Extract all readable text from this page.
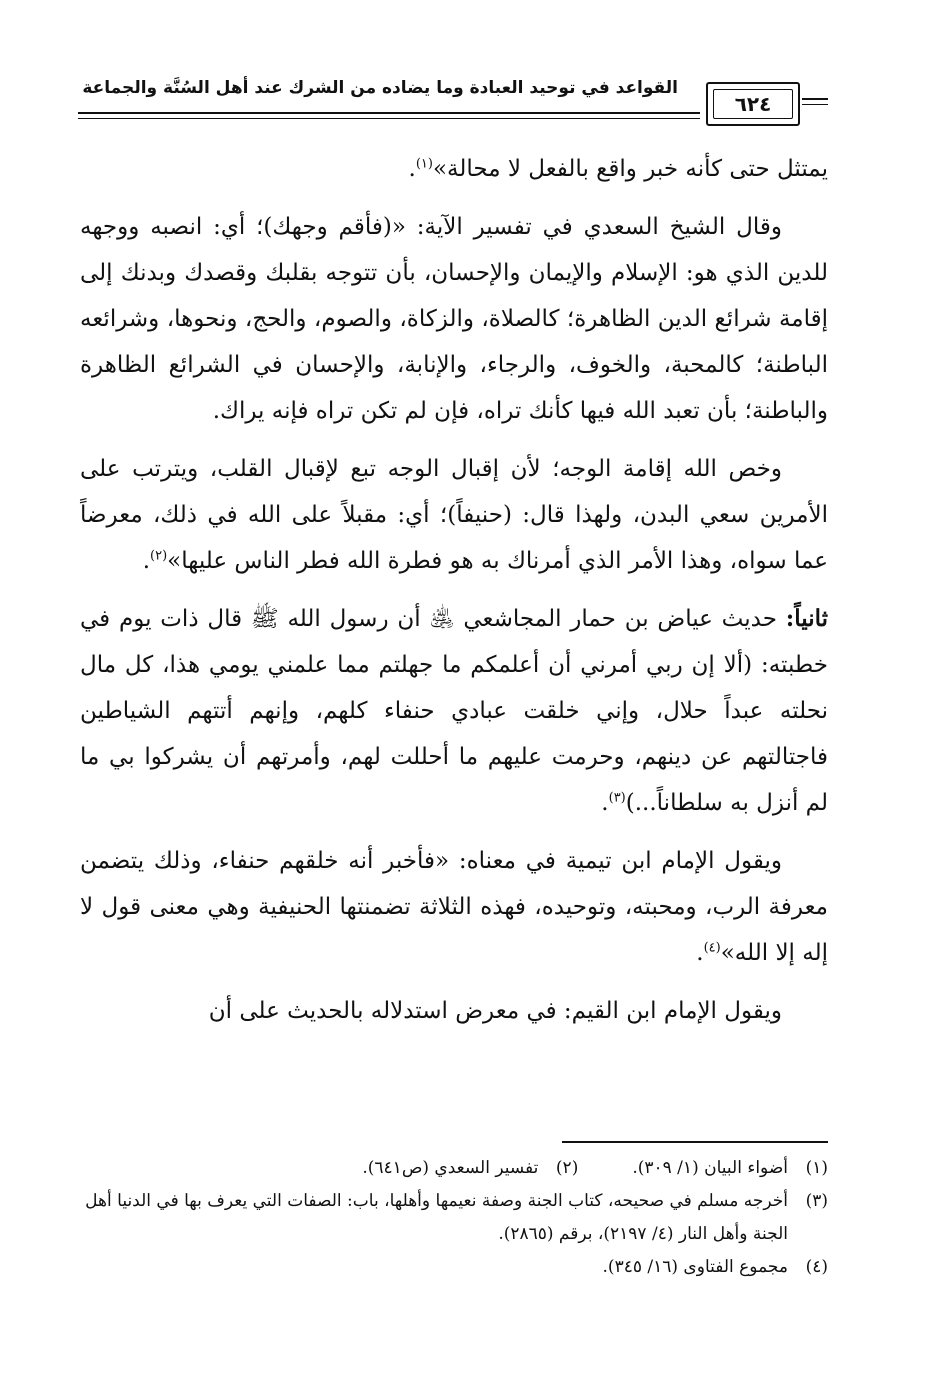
القواعد في توحيد العبادة وما يضاده من الشرك عند أهل السُنَّة والجماعة
٦٢٤

يمتثل حتى كأنه خبر واقع بالفعل لا محالة»$^{(١)}$.

وقال الشيخ السعدي في تفسير الآية: «(فأقم وجهك)؛ أي: انصبه ووجهه للدين الذي هو: الإسلام والإيمان والإحسان، بأن تتوجه بقلبك وقصدك وبدنك إلى إقامة شرائع الدين الظاهرة؛ كالصلاة، والزكاة، والصوم، والحج، ونحوها، وشرائعه الباطنة؛ كالمحبة، والخوف، والرجاء، والإنابة، والإحسان في الشرائع الظاهرة والباطنة؛ بأن تعبد الله فيها كأنك تراه، فإن لم تكن تراه فإنه يراك.

وخص الله إقامة الوجه؛ لأن إقبال الوجه تبع لإقبال القلب، ويترتب على الأمرين سعي البدن، ولهذا قال: (حنيفاً)؛ أي: مقبلاً على الله في ذلك، معرضاً عما سواه، وهذا الأمر الذي أمرناك به هو فطرة الله فطر الناس عليها»$^{(٢)}$.

ثانياً: حديث عياض بن حمار المجاشعي ﵁ أن رسول الله ﷺ قال ذات يوم في خطبته: (ألا إن ربي أمرني أن أعلمكم ما جهلتم مما علمني يومي هذا، كل مال نحلته عبداً حلال، وإني خلقت عبادي حنفاء كلهم، وإنهم أتتهم الشياطين فاجتالتهم عن دينهم، وحرمت عليهم ما أحللت لهم، وأمرتهم أن يشركوا بي ما لم أنزل به سلطاناً...)$^{(٣)}$.

ويقول الإمام ابن تيمية في معناه: «فأخبر أنه خلقهم حنفاء، وذلك يتضمن معرفة الرب، ومحبته، وتوحيده، فهذه الثلاثة تضمنتها الحنيفية وهي معنى قول لا إله إلا الله»$^{(٤)}$.

ويقول الإمام ابن القيم: في معرض استدلاله بالحديث على أن

(١)
أضواء البيان (١/ ٣٠٩).
(٢)
تفسير السعدي (ص٦٤١).
(٣)
أخرجه مسلم في صحيحه، كتاب الجنة وصفة نعيمها وأهلها، باب: الصفات التي يعرف بها في الدنيا أهل الجنة وأهل النار (٤/ ٢١٩٧)، برقم (٢٨٦٥).
(٤)
مجموع الفتاوى (١٦/ ٣٤٥).
